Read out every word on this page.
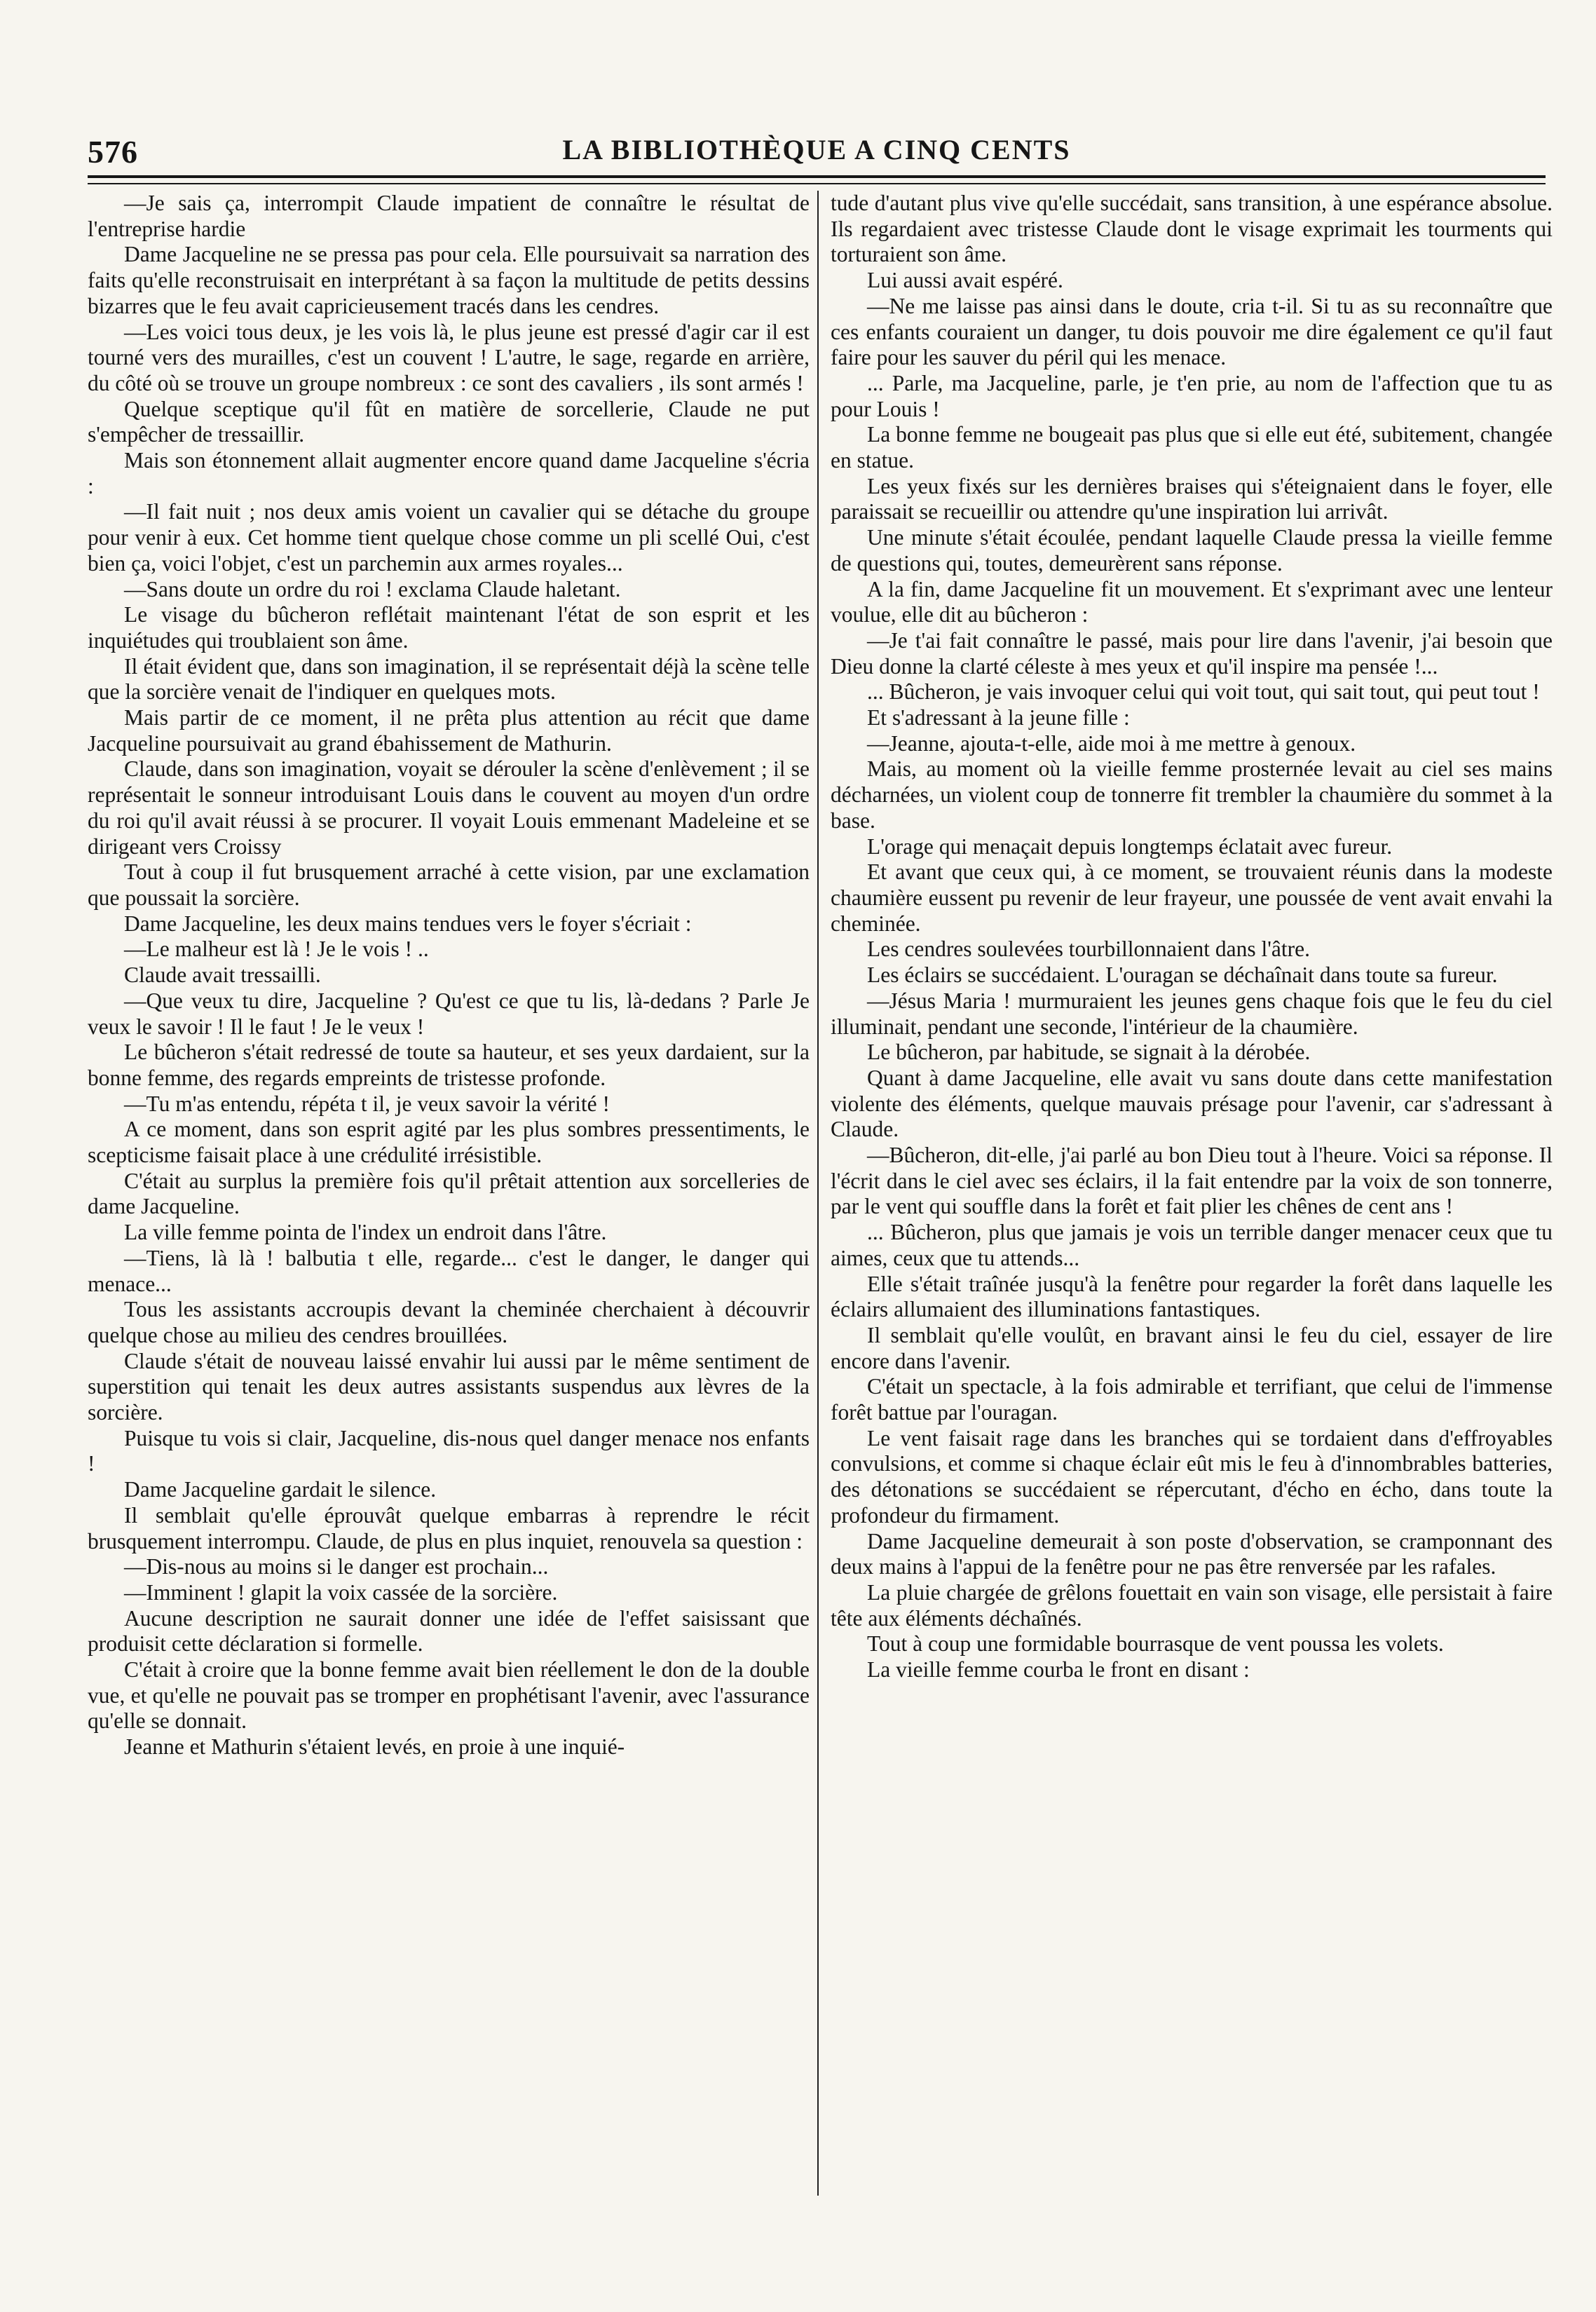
576	LA BIBLIOTHÈQUE A CINQ CENTS

—Je sais ça, interrompit Claude impatient de connaître le résultat de l'entreprise hardie

Dame Jacqueline ne se pressa pas pour cela. Elle poursuivait sa narration des faits qu'elle reconstruisait en interprétant à sa façon la multitude de petits dessins bizarres que le feu avait capricieusement tracés dans les cendres.

—Les voici tous deux, je les vois là, le plus jeune est pressé d'agir car il est tourné vers des murailles, c'est un couvent ! L'autre, le sage, regarde en arrière, du côté où se trouve un groupe nombreux : ce sont des cavaliers , ils sont armés !

Quelque sceptique qu'il fût en matière de sorcellerie, Claude ne put s'empêcher de tressaillir.

Mais son étonnement allait augmenter encore quand dame Jacqueline s'écria :

—Il fait nuit ; nos deux amis voient un cavalier qui se détache du groupe pour venir à eux. Cet homme tient quelque chose comme un pli scellé Oui, c'est bien ça, voici l'objet, c'est un parchemin aux armes royales...

—Sans doute un ordre du roi ! exclama Claude haletant.

Le visage du bûcheron reflétait maintenant l'état de son esprit et les inquiétudes qui troublaient son âme.

Il était évident que, dans son imagination, il se représentait déjà la scène telle que la sorcière venait de l'indiquer en quelques mots.

Mais partir de ce moment, il ne prêta plus attention au récit que dame Jacqueline poursuivait au grand ébahissement de Mathurin.

Claude, dans son imagination, voyait se dérouler la scène d'enlèvement ; il se représentait le sonneur introduisant Louis dans le couvent au moyen d'un ordre du roi qu'il avait réussi à se procurer. Il voyait Louis emmenant Madeleine et se dirigeant vers Croissy

Tout à coup il fut brusquement arraché à cette vision, par une exclamation que poussait la sorcière.

Dame Jacqueline, les deux mains tendues vers le foyer s'écriait :

—Le malheur est là ! Je le vois ! ..

Claude avait tressailli.

—Que veux tu dire, Jacqueline ? Qu'est ce que tu lis, là-dedans ? Parle Je veux le savoir ! Il le faut ! Je le veux !

Le bûcheron s'était redressé de toute sa hauteur, et ses yeux dardaient, sur la bonne femme, des regards empreints de tristesse profonde.

—Tu m'as entendu, répéta t il, je veux savoir la vérité !

A ce moment, dans son esprit agité par les plus sombres pressentiments, le scepticisme faisait place à une crédulité irrésistible.

C'était au surplus la première fois qu'il prêtait attention aux sorcelleries de dame Jacqueline.

La ville femme pointa de l'index un endroit dans l'âtre.

—Tiens, là là ! balbutia t elle, regarde... c'est le danger, le danger qui menace...

Tous les assistants accroupis devant la cheminée cherchaient à découvrir quelque chose au milieu des cendres brouillées.

Claude s'était de nouveau laissé envahir lui aussi par le même sentiment de superstition qui tenait les deux autres assistants suspendus aux lèvres de la sorcière.

Puisque tu vois si clair, Jacqueline, dis-nous quel danger menace nos enfants !

Dame Jacqueline gardait le silence.

Il semblait qu'elle éprouvât quelque embarras à reprendre le récit brusquement interrompu. Claude, de plus en plus inquiet, renouvela sa question :

—Dis-nous au moins si le danger est prochain...

—Imminent ! glapit la voix cassée de la sorcière.

Aucune description ne saurait donner une idée de l'effet saisissant que produisit cette déclaration si formelle.

C'était à croire que la bonne femme avait bien réellement le don de la double vue, et qu'elle ne pouvait pas se tromper en prophétisant l'avenir, avec l'assurance qu'elle se donnait.

Jeanne et Mathurin s'étaient levés, en proie à une inquié-

tude d'autant plus vive qu'elle succédait, sans transition, à une espérance absolue. Ils regardaient avec tristesse Claude dont le visage exprimait les tourments qui torturaient son âme.

Lui aussi avait espéré.

—Ne me laisse pas ainsi dans le doute, cria t-il. Si tu as su reconnaître que ces enfants couraient un danger, tu dois pouvoir me dire également ce qu'il faut faire pour les sauver du péril qui les menace.

... Parle, ma Jacqueline, parle, je t'en prie, au nom de l'affection que tu as pour Louis !

La bonne femme ne bougeait pas plus que si elle eut été, subitement, changée en statue.

Les yeux fixés sur les dernières braises qui s'éteignaient dans le foyer, elle paraissait se recueillir ou attendre qu'une inspiration lui arrivât.

Une minute s'était écoulée, pendant laquelle Claude pressa la vieille femme de questions qui, toutes, demeurèrent sans réponse.

A la fin, dame Jacqueline fit un mouvement. Et s'exprimant avec une lenteur voulue, elle dit au bûcheron :

—Je t'ai fait connaître le passé, mais pour lire dans l'avenir, j'ai besoin que Dieu donne la clarté céleste à mes yeux et qu'il inspire ma pensée !...

... Bûcheron, je vais invoquer celui qui voit tout, qui sait tout, qui peut tout !

Et s'adressant à la jeune fille :

—Jeanne, ajouta-t-elle, aide moi à me mettre à genoux.

Mais, au moment où la vieille femme prosternée levait au ciel ses mains décharnées, un violent coup de tonnerre fit trembler la chaumière du sommet à la base.

L'orage qui menaçait depuis longtemps éclatait avec fureur.

Et avant que ceux qui, à ce moment, se trouvaient réunis dans la modeste chaumière eussent pu revenir de leur frayeur, une poussée de vent avait envahi la cheminée.

Les cendres soulevées tourbillonnaient dans l'âtre.

Les éclairs se succédaient. L'ouragan se déchaînait dans toute sa fureur.

—Jésus Maria ! murmuraient les jeunes gens chaque fois que le feu du ciel illuminait, pendant une seconde, l'intérieur de la chaumière.

Le bûcheron, par habitude, se signait à la dérobée.

Quant à dame Jacqueline, elle avait vu sans doute dans cette manifestation violente des éléments, quelque mauvais présage pour l'avenir, car s'adressant à Claude.

—Bûcheron, dit-elle, j'ai parlé au bon Dieu tout à l'heure. Voici sa réponse. Il l'écrit dans le ciel avec ses éclairs, il la fait entendre par la voix de son tonnerre, par le vent qui souffle dans la forêt et fait plier les chênes de cent ans !

... Bûcheron, plus que jamais je vois un terrible danger menacer ceux que tu aimes, ceux que tu attends...

Elle s'était traînée jusqu'à la fenêtre pour regarder la forêt dans laquelle les éclairs allumaient des illuminations fantastiques.

Il semblait qu'elle voulût, en bravant ainsi le feu du ciel, essayer de lire encore dans l'avenir.

C'était un spectacle, à la fois admirable et terrifiant, que celui de l'immense forêt battue par l'ouragan.

Le vent faisait rage dans les branches qui se tordaient dans d'effroyables convulsions, et comme si chaque éclair eût mis le feu à d'innombrables batteries, des détonations se succédaient se répercutant, d'écho en écho, dans toute la profondeur du firmament.

Dame Jacqueline demeurait à son poste d'observation, se cramponnant des deux mains à l'appui de la fenêtre pour ne pas être renversée par les rafales.

La pluie chargée de grêlons fouettait en vain son visage, elle persistait à faire tête aux éléments déchaînés.

Tout à coup une formidable bourrasque de vent poussa les volets.

La vieille femme courba le front en disant :
